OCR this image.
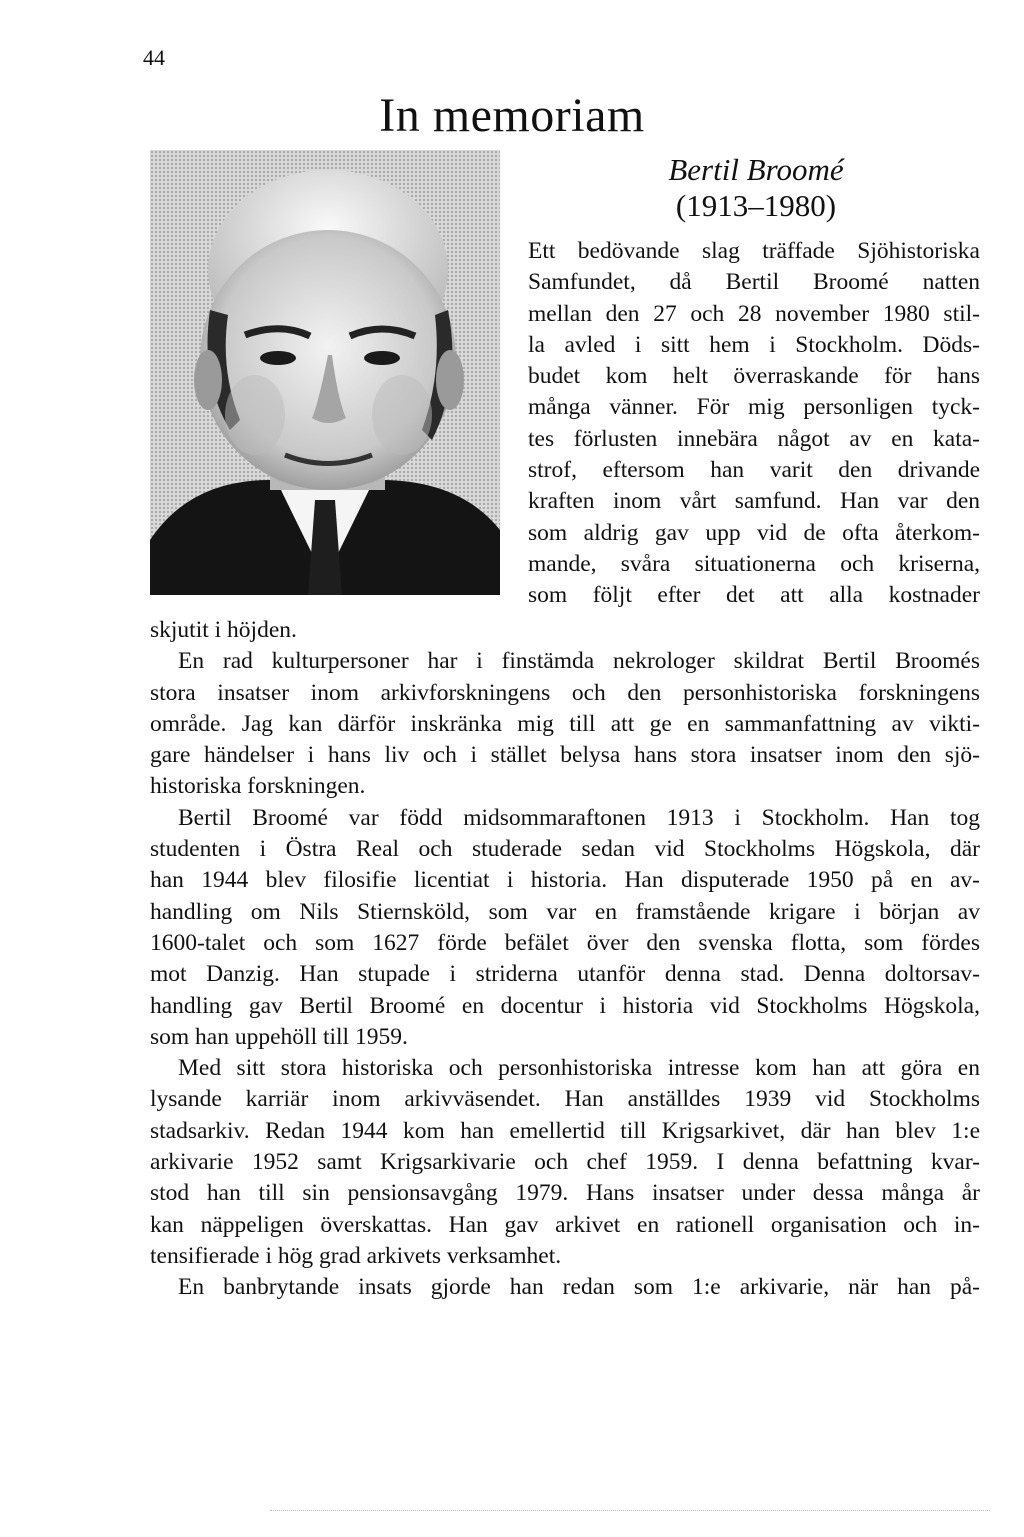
44
In memoriam
Bertil Broomé
(1913–1980)
Ett bedövande slag träffade Sjöhistoriska
Samfundet, då Bertil Broomé natten
mellan den 27 och 28 november 1980 stil-
la avled i sitt hem i Stockholm. Döds-
budet kom helt överraskande för hans
många vänner. För mig personligen tyck-
tes förlusten innebära något av en kata-
strof, eftersom han varit den drivande
kraften inom vårt samfund. Han var den
som aldrig gav upp vid de ofta återkom-
mande, svåra situationerna och kriserna,
som följt efter det att alla kostnader
skjutit i höjden.
En rad kulturpersoner har i finstämda nekrologer skildrat Bertil Broomés
stora insatser inom arkivforskningens och den personhistoriska forskningens
område. Jag kan därför inskränka mig till att ge en sammanfattning av vikti-
gare händelser i hans liv och i stället belysa hans stora insatser inom den sjö-
historiska forskningen.
Bertil Broomé var född midsommaraftonen 1913 i Stockholm. Han tog
studenten i Östra Real och studerade sedan vid Stockholms Högskola, där
han 1944 blev filosifie licentiat i historia. Han disputerade 1950 på en av-
handling om Nils Stiernsköld, som var en framstående krigare i början av
1600-talet och som 1627 förde befälet över den svenska flotta, som fördes
mot Danzig. Han stupade i striderna utanför denna stad. Denna doltorsav-
handling gav Bertil Broomé en docentur i historia vid Stockholms Högskola,
som han uppehöll till 1959.
Med sitt stora historiska och personhistoriska intresse kom han att göra en
lysande karriär inom arkivväsendet. Han anställdes 1939 vid Stockholms
stadsarkiv. Redan 1944 kom han emellertid till Krigsarkivet, där han blev 1:e
arkivarie 1952 samt Krigsarkivarie och chef 1959. I denna befattning kvar-
stod han till sin pensionsavgång 1979. Hans insatser under dessa många år
kan näppeligen överskattas. Han gav arkivet en rationell organisation och in-
tensifierade i hög grad arkivets verksamhet.
En banbrytande insats gjorde han redan som 1:e arkivarie, när han på-
